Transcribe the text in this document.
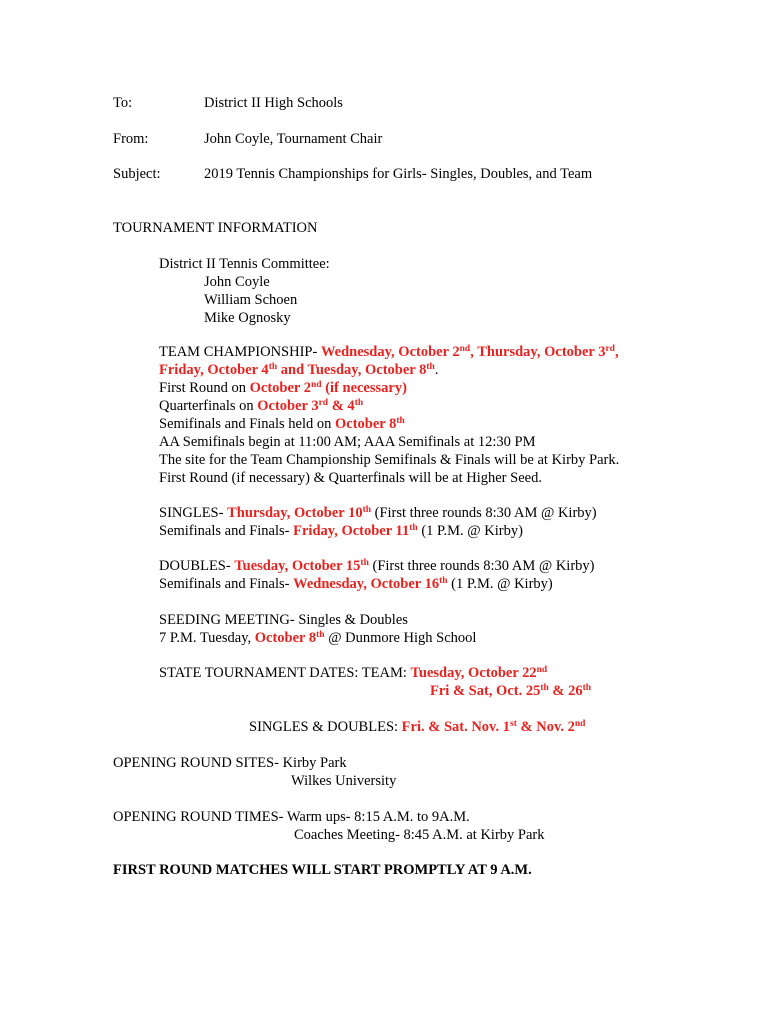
To:	District II High Schools
From:	John Coyle, Tournament Chair
Subject:	2019 Tennis Championships for Girls- Singles, Doubles, and Team
TOURNAMENT INFORMATION
District II Tennis Committee:
John Coyle
William Schoen
Mike Ognosky
TEAM CHAMPIONSHIP- Wednesday, October 2nd, Thursday, October 3rd,
Friday, October 4th and Tuesday, October 8th.
First Round on October 2nd (if necessary)
Quarterfinals on October 3rd & 4th
Semifinals and Finals held on October 8th
AA Semifinals begin at 11:00 AM; AAA Semifinals at 12:30 PM
The site for the Team Championship Semifinals & Finals will be at Kirby Park.
First Round (if necessary) & Quarterfinals will be at Higher Seed.
SINGLES- Thursday, October 10th (First three rounds 8:30 AM @ Kirby)
Semifinals and Finals- Friday, October 11th (1 P.M. @ Kirby)
DOUBLES- Tuesday, October 15th (First three rounds 8:30 AM @ Kirby)
Semifinals and Finals- Wednesday, October 16th (1 P.M. @ Kirby)
SEEDING MEETING- Singles & Doubles
7 P.M. Tuesday, October 8th @ Dunmore High School
STATE TOURNAMENT DATES: TEAM: Tuesday, October 22nd
Fri & Sat, Oct. 25th & 26th
SINGLES & DOUBLES: Fri. & Sat. Nov. 1st & Nov. 2nd
OPENING ROUND SITES- Kirby Park
Wilkes University
OPENING ROUND TIMES- Warm ups- 8:15 A.M. to 9A.M.
Coaches Meeting- 8:45 A.M. at Kirby Park
FIRST ROUND MATCHES WILL START PROMPTLY AT 9 A.M.
